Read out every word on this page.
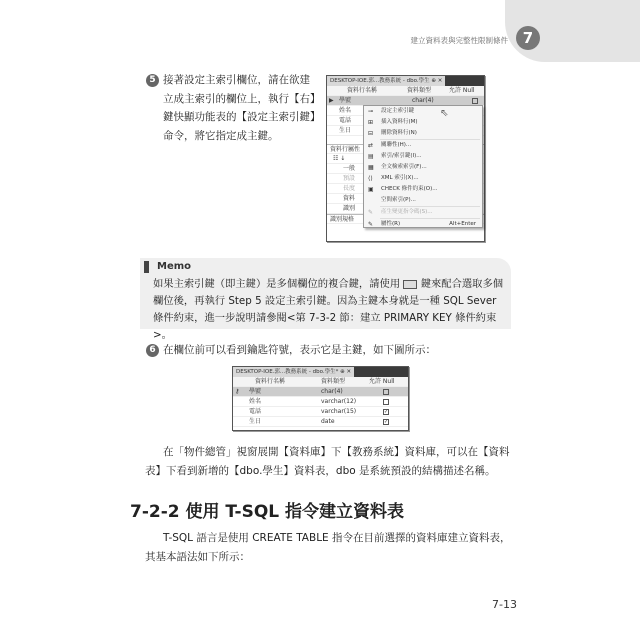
建立資料表與完整性限制條件 7
5 接著設定主索引欄位，請在欲建
立成主索引的欄位上，執行【右】
鍵快顯功能表的【設定主索引鍵】
命令，將它指定成主鍵。
DESKTOP-IOE.郭...教務系統 - dbo.學生 ⊕ ✕
資料行名稱	資料類型	允許 Null
▶ 學號	char(4)
姓名
電話
生日
資料行屬性
☷ ↓
一般
預設
長度
資料
識別
識別規格
⊸ 設定主索引鍵
⊞ 插入資料行(M)
⊟ 刪除資料行(N)
⇄ 關聯性(H)...
▤ 索引/索引鍵(I)...
▦ 全文檢索索引(F)...
⟨⟩ XML 索引(X)...
▣ CHECK 條件約束(O)...
空間索引(P)...
✎ 產生變更指令碼(S)...
✎ 屬性(R)	Alt+Enter
⇖
Memo
如果主索引鍵（即主鍵）是多個欄位的複合鍵，請使用 鍵來配合選取多個欄位後，再執行 Step 5 設定主索引鍵。因為主鍵本身就是一種 SQL Sever 條件約束，進一步說明請參閱<第 7-3-2 節：建立 PRIMARY KEY 條件約束>。
6 在欄位前可以看到鑰匙符號，表示它是主鍵，如下圖所示：
DESKTOP-IOE.郭...教務系統 - dbo.學生* ⊕ ✕
資料行名稱	資料類型	允許 Null
⚷ 學號	char(4)
姓名	varchar(12)
電話	varchar(15)	✓
生日	date	✓
在「物件總管」視窗展開【資料庫】下【教務系統】資料庫，可以在【資料
表】下看到新增的【dbo.學生】資料表，dbo 是系統預設的結構描述名稱。
7-2-2 使用 T-SQL 指令建立資料表
T-SQL 語言是使用 CREATE TABLE 指令在目前選擇的資料庫建立資料表，
其基本語法如下所示：
7-13
